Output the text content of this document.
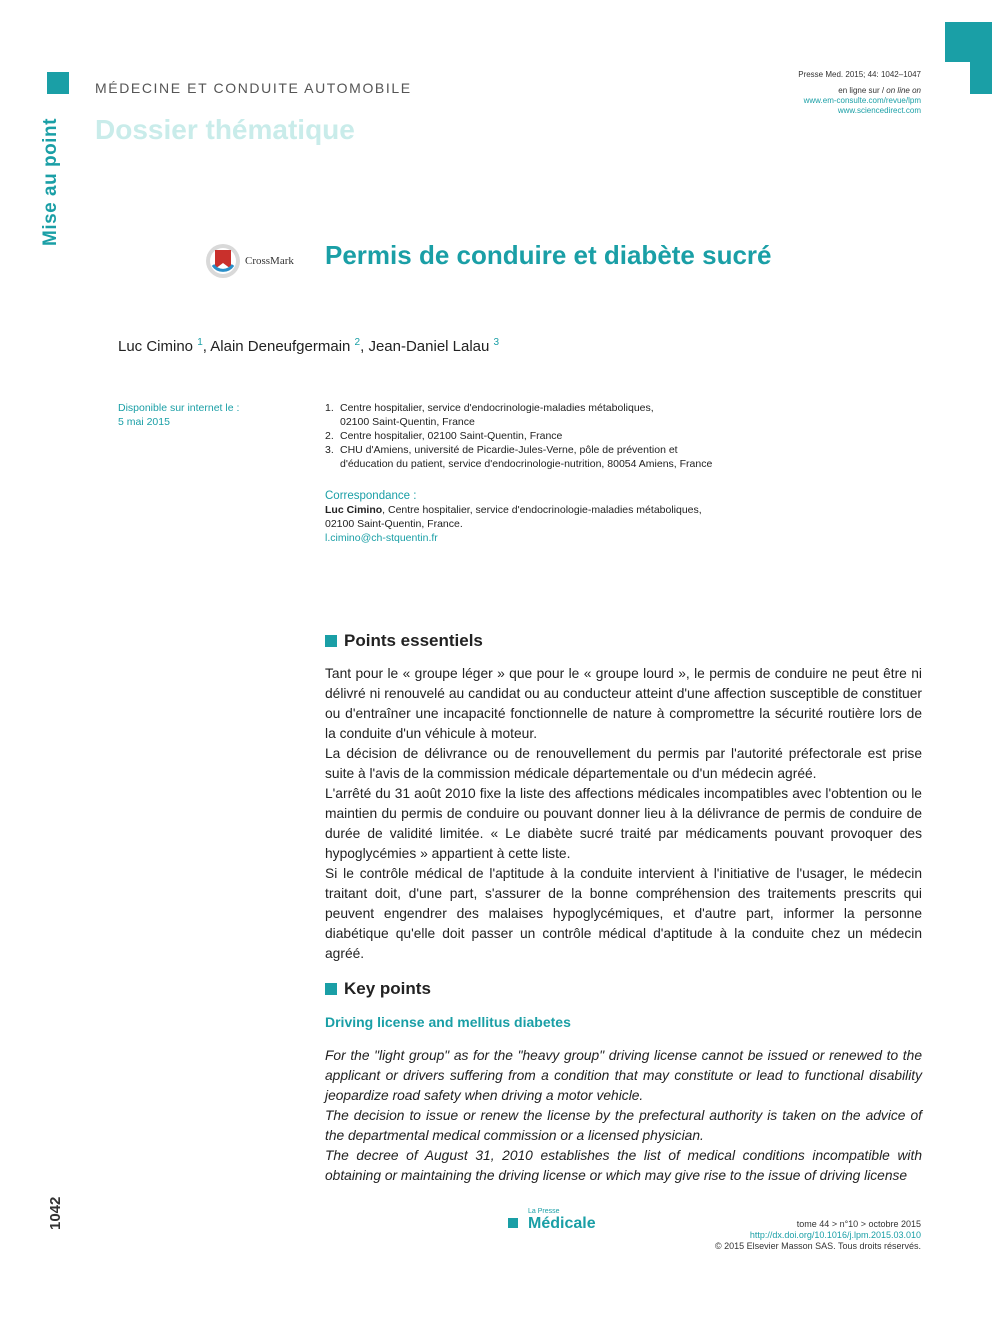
Mise au point
MÉDECINE ET CONDUITE AUTOMOBILE
Dossier thématique
Presse Med. 2015; 44: 1042–1047
en ligne sur / on line on
www.em-consulte.com/revue/lpm
www.sciencedirect.com
CrossMark Permis de conduire et diabète sucré
Luc Cimino $^1$, Alain Deneufgermain $^2$, Jean-Daniel Lalau $^3$
Disponible sur internet le :
5 mai 2015
1. Centre hospitalier, service d'endocrinologie-maladies métaboliques,
02100 Saint-Quentin, France
2. Centre hospitalier, 02100 Saint-Quentin, France
3. CHU d'Amiens, université de Picardie-Jules-Verne, pôle de prévention et
d'éducation du patient, service d'endocrinologie-nutrition, 80054 Amiens, France
Correspondance :
Luc Cimino, Centre hospitalier, service d'endocrinologie-maladies métaboliques,
02100 Saint-Quentin, France.
l.cimino@ch-stquentin.fr
Points essentiels

Tant pour le « groupe léger » que pour le « groupe lourd », le permis de conduire ne peut être ni délivré ni renouvelé au candidat ou au conducteur atteint d'une affection susceptible de constituer ou d'entraîner une incapacité fonctionnelle de nature à compromettre la sécurité routière lors de la conduite d'un véhicule à moteur.

La décision de délivrance ou de renouvellement du permis par l'autorité préfectorale est prise suite à l'avis de la commission médicale départementale ou d'un médecin agréé.

L'arrêté du 31 août 2010 fixe la liste des affections médicales incompatibles avec l'obtention ou le maintien du permis de conduire ou pouvant donner lieu à la délivrance de permis de conduire de durée de validité limitée. « Le diabète sucré traité par médicaments pouvant provoquer des hypoglycémies » appartient à cette liste.

Si le contrôle médical de l'aptitude à la conduite intervient à l'initiative de l'usager, le médecin traitant doit, d'une part, s'assurer de la bonne compréhension des traitements prescrits qui peuvent engendrer des malaises hypoglycémiques, et d'autre part, informer la personne diabétique qu'elle doit passer un contrôle médical d'aptitude à la conduite chez un médecin agréé.

Key points
Driving license and mellitus diabetes

For the "light group" as for the "heavy group" driving license cannot be issued or renewed to the applicant or drivers suffering from a condition that may constitute or lead to functional disability jeopardize road safety when driving a motor vehicle.

The decision to issue or renew the license by the prefectural authority is taken on the advice of the departmental medical commission or a licensed physician.

The decree of August 31, 2010 establishes the list of medical conditions incompatible with obtaining or maintaining the driving license or which may give rise to the issue of driving license

1042	La Presse
Médicale	tome 44 > n°10 > octobre 2015
http://dx.doi.org/10.1016/j.lpm.2015.03.010
© 2015 Elsevier Masson SAS. Tous droits réservés.
